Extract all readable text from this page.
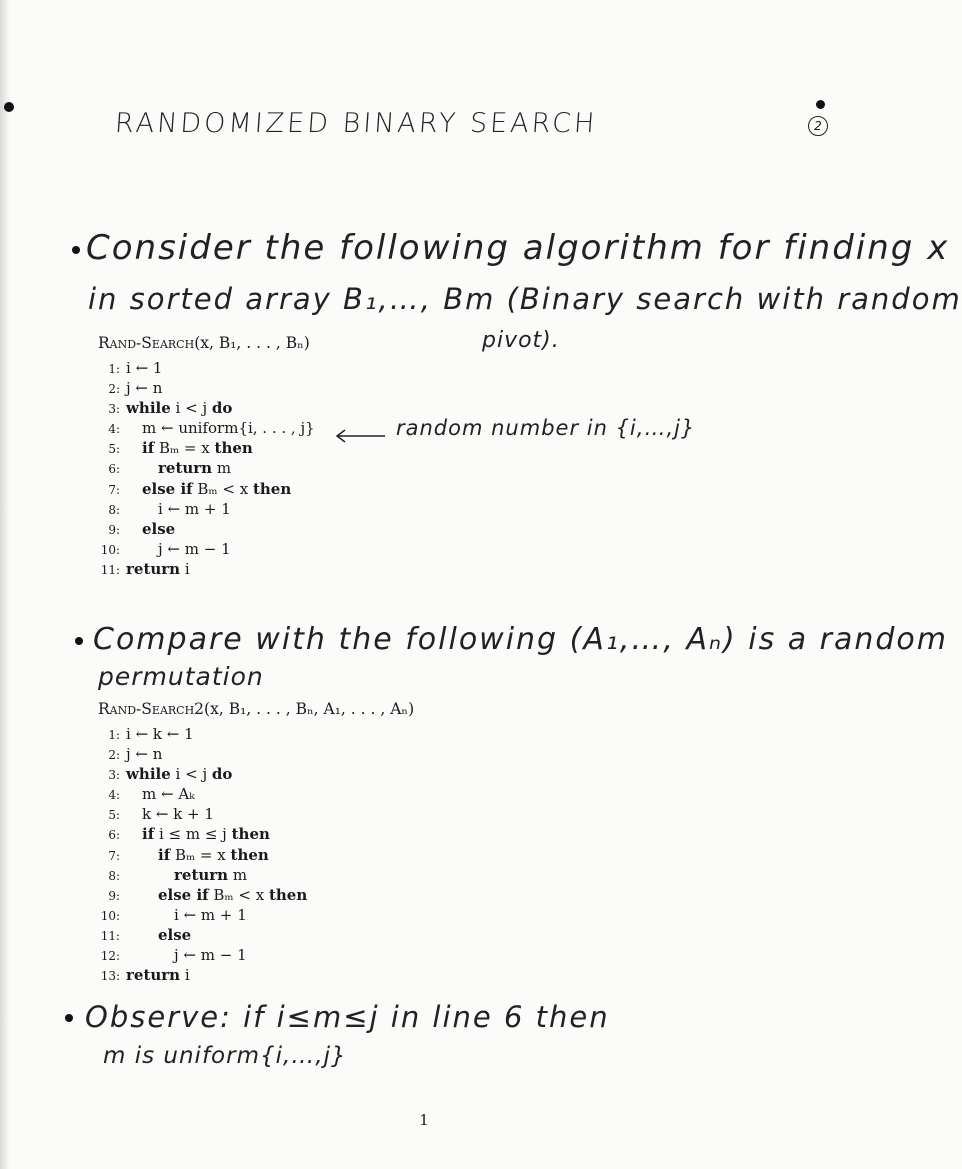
RANDOMIZED BINARY SEARCH	2
Consider the following algorithm for finding x
in sorted array B₁,…, Bm (Binary search with random
pivot).
Rand-Search(x, B₁, . . . , Bₙ)
1: i ← 1
2: j ← n
3: while i < j do
4: m ← uniform{i, . . . , j}
5: if Bₘ = x then
6:	return m
7: else if Bₘ < x then
8:	i ← m + 1
9: else
10:	j ← m − 1
11: return i
random number in {i,…,j}
Compare with the following (A₁,…, Aₙ) is a random
permutation
Rand-Search2(x, B₁, . . . , Bₙ, A₁, . . . , Aₙ)
1: i ← k ← 1
2: j ← n
3: while i < j do
4: m ← Aₖ
5: k ← k + 1
6: if i ≤ m ≤ j then
7:	if Bₘ = x then
8:	return m
9:	else if Bₘ < x then
10:	i ← m + 1
11:	else
12:	j ← m − 1
13: return i
Observe: if i≤m≤j in line 6 then
m is uniform{i,…,j}
1
